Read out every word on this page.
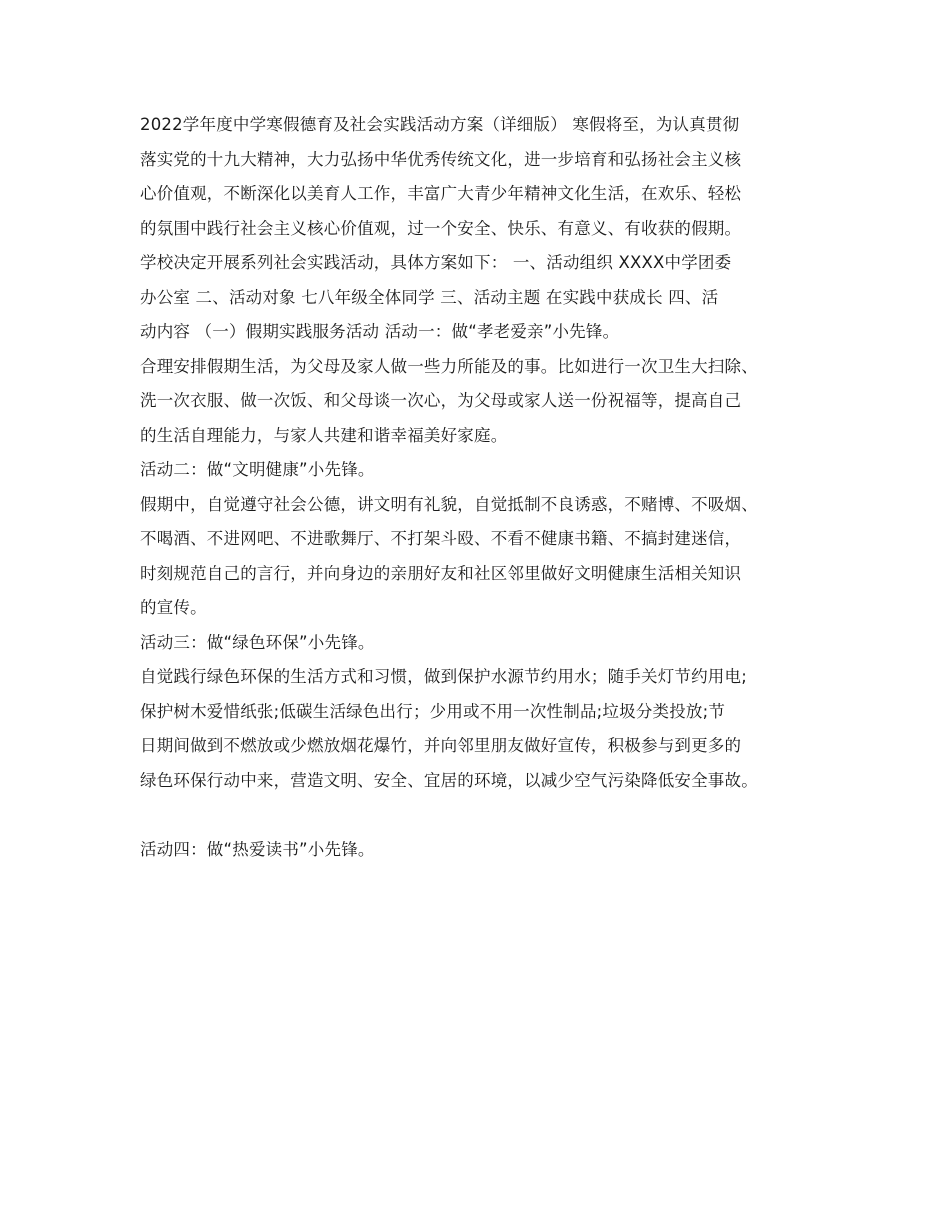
2022学年度中学寒假德育及社会实践活动方案（详细版） 寒假将至，为认真贯彻
落实党的十九大精神，大力弘扬中华优秀传统文化，进一步培育和弘扬社会主义核
心价值观，不断深化以美育人工作，丰富广大青少年精神文化生活，在欢乐、轻松
的氛围中践行社会主义核心价值观，过一个安全、快乐、有意义、有收获的假期。
学校决定开展系列社会实践活动，具体方案如下： 一、活动组织 XXXX中学团委
办公室 二、活动对象 七八年级全体同学 三、活动主题 在实践中获成长 四、活
动内容 （一）假期实践服务活动 活动一：做“孝老爱亲”小先锋。
合理安排假期生活，为父母及家人做一些力所能及的事。比如进行一次卫生大扫除、
洗一次衣服、做一次饭、和父母谈一次心，为父母或家人送一份祝福等，提高自己
的生活自理能力，与家人共建和谐幸福美好家庭。
活动二：做“文明健康”小先锋。
假期中，自觉遵守社会公德，讲文明有礼貌，自觉抵制不良诱惑，不赌博、不吸烟、
不喝酒、不进网吧、不进歌舞厅、不打架斗殴、不看不健康书籍、不搞封建迷信，
时刻规范自己的言行，并向身边的亲朋好友和社区邻里做好文明健康生活相关知识
的宣传。
活动三：做“绿色环保”小先锋。
自觉践行绿色环保的生活方式和习惯，做到保护水源节约用水；随手关灯节约用电;
保护树木爱惜纸张;低碳生活绿色出行；少用或不用一次性制品;垃圾分类投放;节
日期间做到不燃放或少燃放烟花爆竹，并向邻里朋友做好宣传，积极参与到更多的
绿色环保行动中来，营造文明、安全、宜居的环境，以减少空气污染降低安全事故。
活动四：做“热爱读书”小先锋。
